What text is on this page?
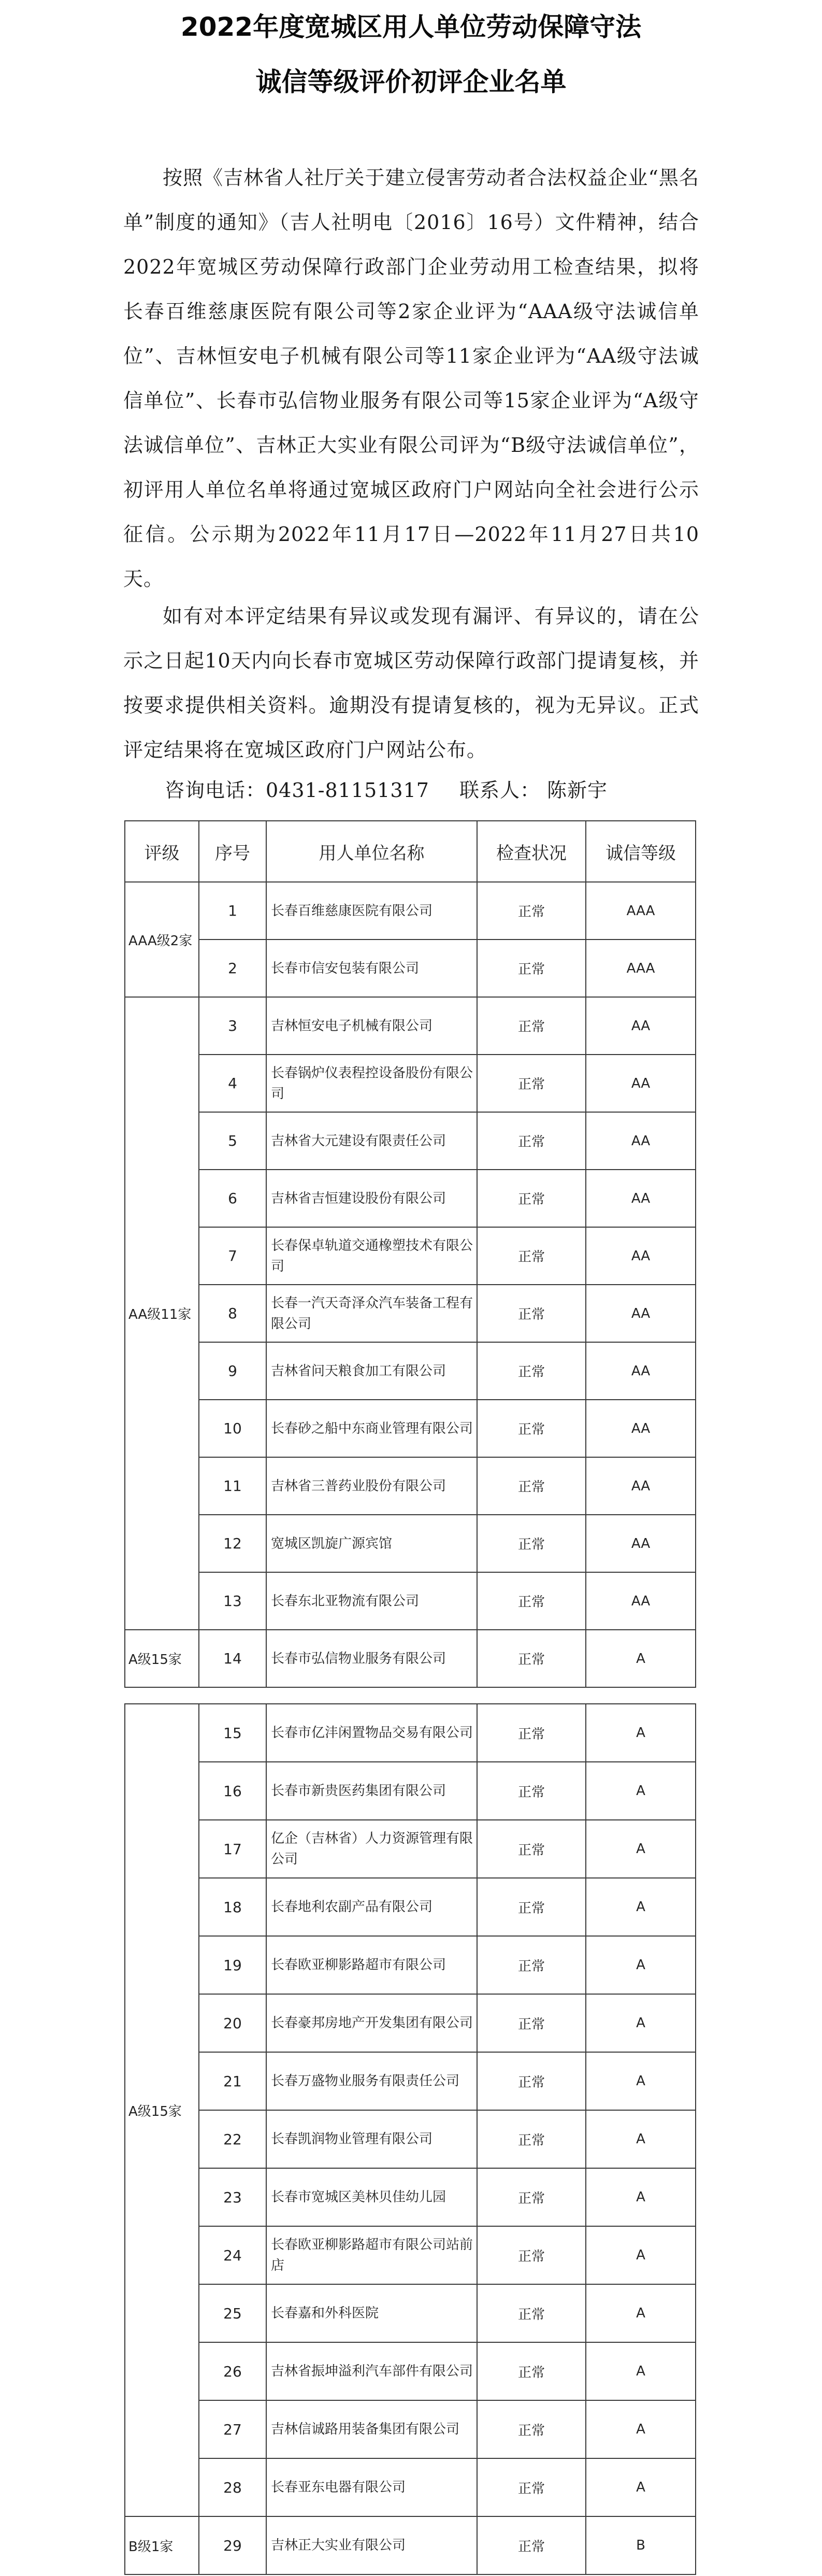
2022年度宽城区用人单位劳动保障守法
诚信等级评价初评企业名单

按照《吉林省人社厅关于建立侵害劳动者合法权益企业“黑名单”制度的通知》（吉人社明电〔2016〕16号）文件精神，结合2022年宽城区劳动保障行政部门企业劳动用工检查结果，拟将长春百维慈康医院有限公司等2家企业评为“AAA级守法诚信单位”、吉林恒安电子机械有限公司等11家企业评为“AA级守法诚信单位”、长春市弘信物业服务有限公司等15家企业评为“A级守法诚信单位”、吉林正大实业有限公司评为“B级守法诚信单位”，初评用人单位名单将通过宽城区政府门户网站向全社会进行公示征信。公示期为2022年11月17日—2022年11月27日共10天。

如有对本评定结果有异议或发现有漏评、有异议的，请在公示之日起10天内向长春市宽城区劳动保障行政部门提请复核，并按要求提供相关资料。逾期没有提请复核的，视为无异议。正式评定结果将在宽城区政府门户网站公布。

咨询电话：0431-81151317 联系人： 陈新宇
评级	序号	用人单位名称	检查状况	诚信等级
AAA级2家	1	长春百维慈康医院有限公司	正常	AAA
	2	长春市信安包装有限公司	正常	AAA
AA级11家	3	吉林恒安电子机械有限公司	正常	AA
	4	长春锅炉仪表程控设备股份有限公司	正常	AA
	5	吉林省大元建设有限责任公司	正常	AA
	6	吉林省吉恒建设股份有限公司	正常	AA
	7	长春保卓轨道交通橡塑技术有限公司	正常	AA
	8	长春一汽天奇泽众汽车装备工程有限公司	正常	AA
	9	吉林省问天粮食加工有限公司	正常	AA
	10	长春砂之船中东商业管理有限公司	正常	AA
	11	吉林省三普药业股份有限公司	正常	AA
	12	宽城区凯旋广源宾馆	正常	AA
	13	长春东北亚物流有限公司	正常	AA
A级15家	14	长春市弘信物业服务有限公司	正常	A
A级15家	15	长春市亿沣闲置物品交易有限公司	正常	A
	16	长春市新贵医药集团有限公司	正常	A
	17	亿企（吉林省）人力资源管理有限公司	正常	A
	18	长春地利农副产品有限公司	正常	A
	19	长春欧亚柳影路超市有限公司	正常	A
	20	长春豪邦房地产开发集团有限公司	正常	A
	21	长春万盛物业服务有限责任公司	正常	A
	22	长春凯润物业管理有限公司	正常	A
	23	长春市宽城区美林贝佳幼儿园	正常	A
	24	长春欧亚柳影路超市有限公司站前店	正常	A
	25	长春嘉和外科医院	正常	A
	26	吉林省振坤溢利汽车部件有限公司	正常	A
	27	吉林信诚路用装备集团有限公司	正常	A
	28	长春亚东电器有限公司	正常	A
B级1家	29	吉林正大实业有限公司	正常	B
